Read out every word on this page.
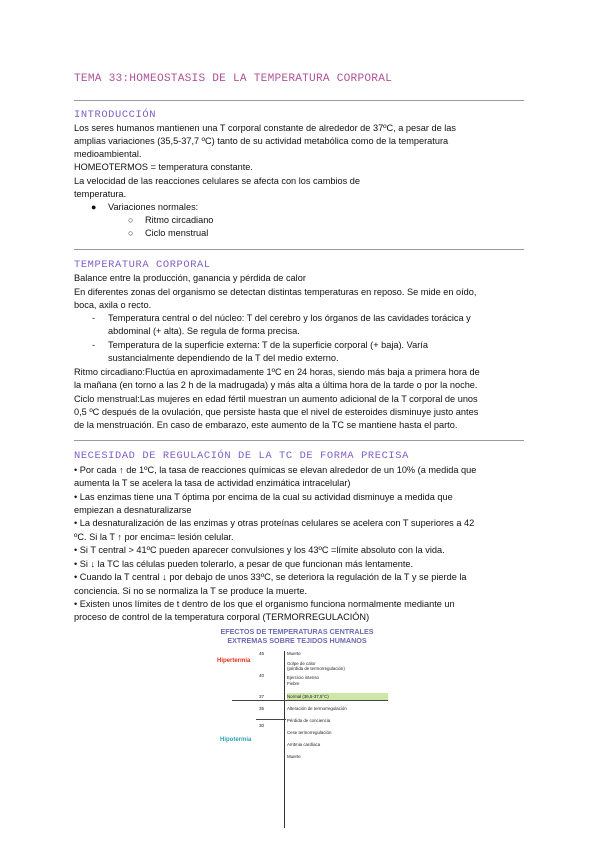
TEMA 33:HOMEOSTASIS DE LA TEMPERATURA CORPORAL
INTRODUCCIÓN
Los seres humanos mantienen una T corporal constante de alrededor de 37ºC, a pesar de las
amplias variaciones (35,5-37,7 ºC) tanto de su actividad metabólica como de la temperatura
medioambiental.
HOMEOTERMOS = temperatura constante.
La velocidad de las reacciones celulares se afecta con los cambios de
temperatura.
● Variaciones normales:
○ Ritmo circadiano
○ Ciclo menstrual
TEMPERATURA CORPORAL
Balance entre la producción, ganancia y pérdida de calor
En diferentes zonas del organismo se detectan distintas temperaturas en reposo. Se mide en oído,
boca, axila o recto.
- Temperatura central o del núcleo: T del cerebro y los órganos de las cavidades torácica y
abdominal (+ alta). Se regula de forma precisa.
- Temperatura de la superficie externa: T de la superficie corporal (+ baja). Varía
sustancialmente dependiendo de la T del medio externo.
Ritmo circadiano:Fluctúa en aproximadamente 1ºC en 24 horas, siendo más baja a primera hora de
la mañana (en torno a las 2 h de la madrugada) y más alta a última hora de la tarde o por la noche.
Ciclo menstrual:Las mujeres en edad fértil muestran un aumento adicional de la T corporal de unos
0,5 ºC después de la ovulación, que persiste hasta que el nivel de esteroides disminuye justo antes
de la menstruación. En caso de embarazo, este aumento de la TC se mantiene hasta el parto.
NECESIDAD DE REGULACIÓN DE LA TC DE FORMA PRECISA
• Por cada ↑ de 1ºC, la tasa de reacciones químicas se elevan alrededor de un 10% (a medida que
aumenta la T se acelera la tasa de actividad enzimática intracelular)
• Las enzimas tiene una T óptima por encima de la cual su actividad disminuye a medida que
empiezan a desnaturalizarse
• La desnaturalización de las enzimas y otras proteínas celulares se acelera con T superiores a 42
ºC. Si la T ↑ por encima= lesión celular.
• Si T central > 41ºC pueden aparecer convulsiones y los 43ºC =límite absoluto con la vida.
• Si ↓ la TC las células pueden tolerarlo, a pesar de que funcionan más lentamente.
• Cuando la T central ↓ por debajo de unos 33ºC, se deteriora la regulación de la T y se pierde la
conciencia. Si no se normaliza la T se produce la muerte.
• Existen unos límites de t dentro de los que el organismo funciona normalmente mediante un
proceso de control de la temperatura corporal (TERMORREGULACIÓN)
EFECTOS DE TEMPERATURAS CENTRALES
EXTREMAS SOBRE TEJIDOS HUMANOS
Hipertermia
Hipotermia
45
40
37
35
30
Muerte
Golpe de calor
(pérdida de termorregulación)
Ejercicio intenso
Fiebre
Normal (36,5-37,5°C)
Alteración de termorregulación
Pérdida de conciencia
Cese termorregulación
Arritmia cardíaca
Muerte
